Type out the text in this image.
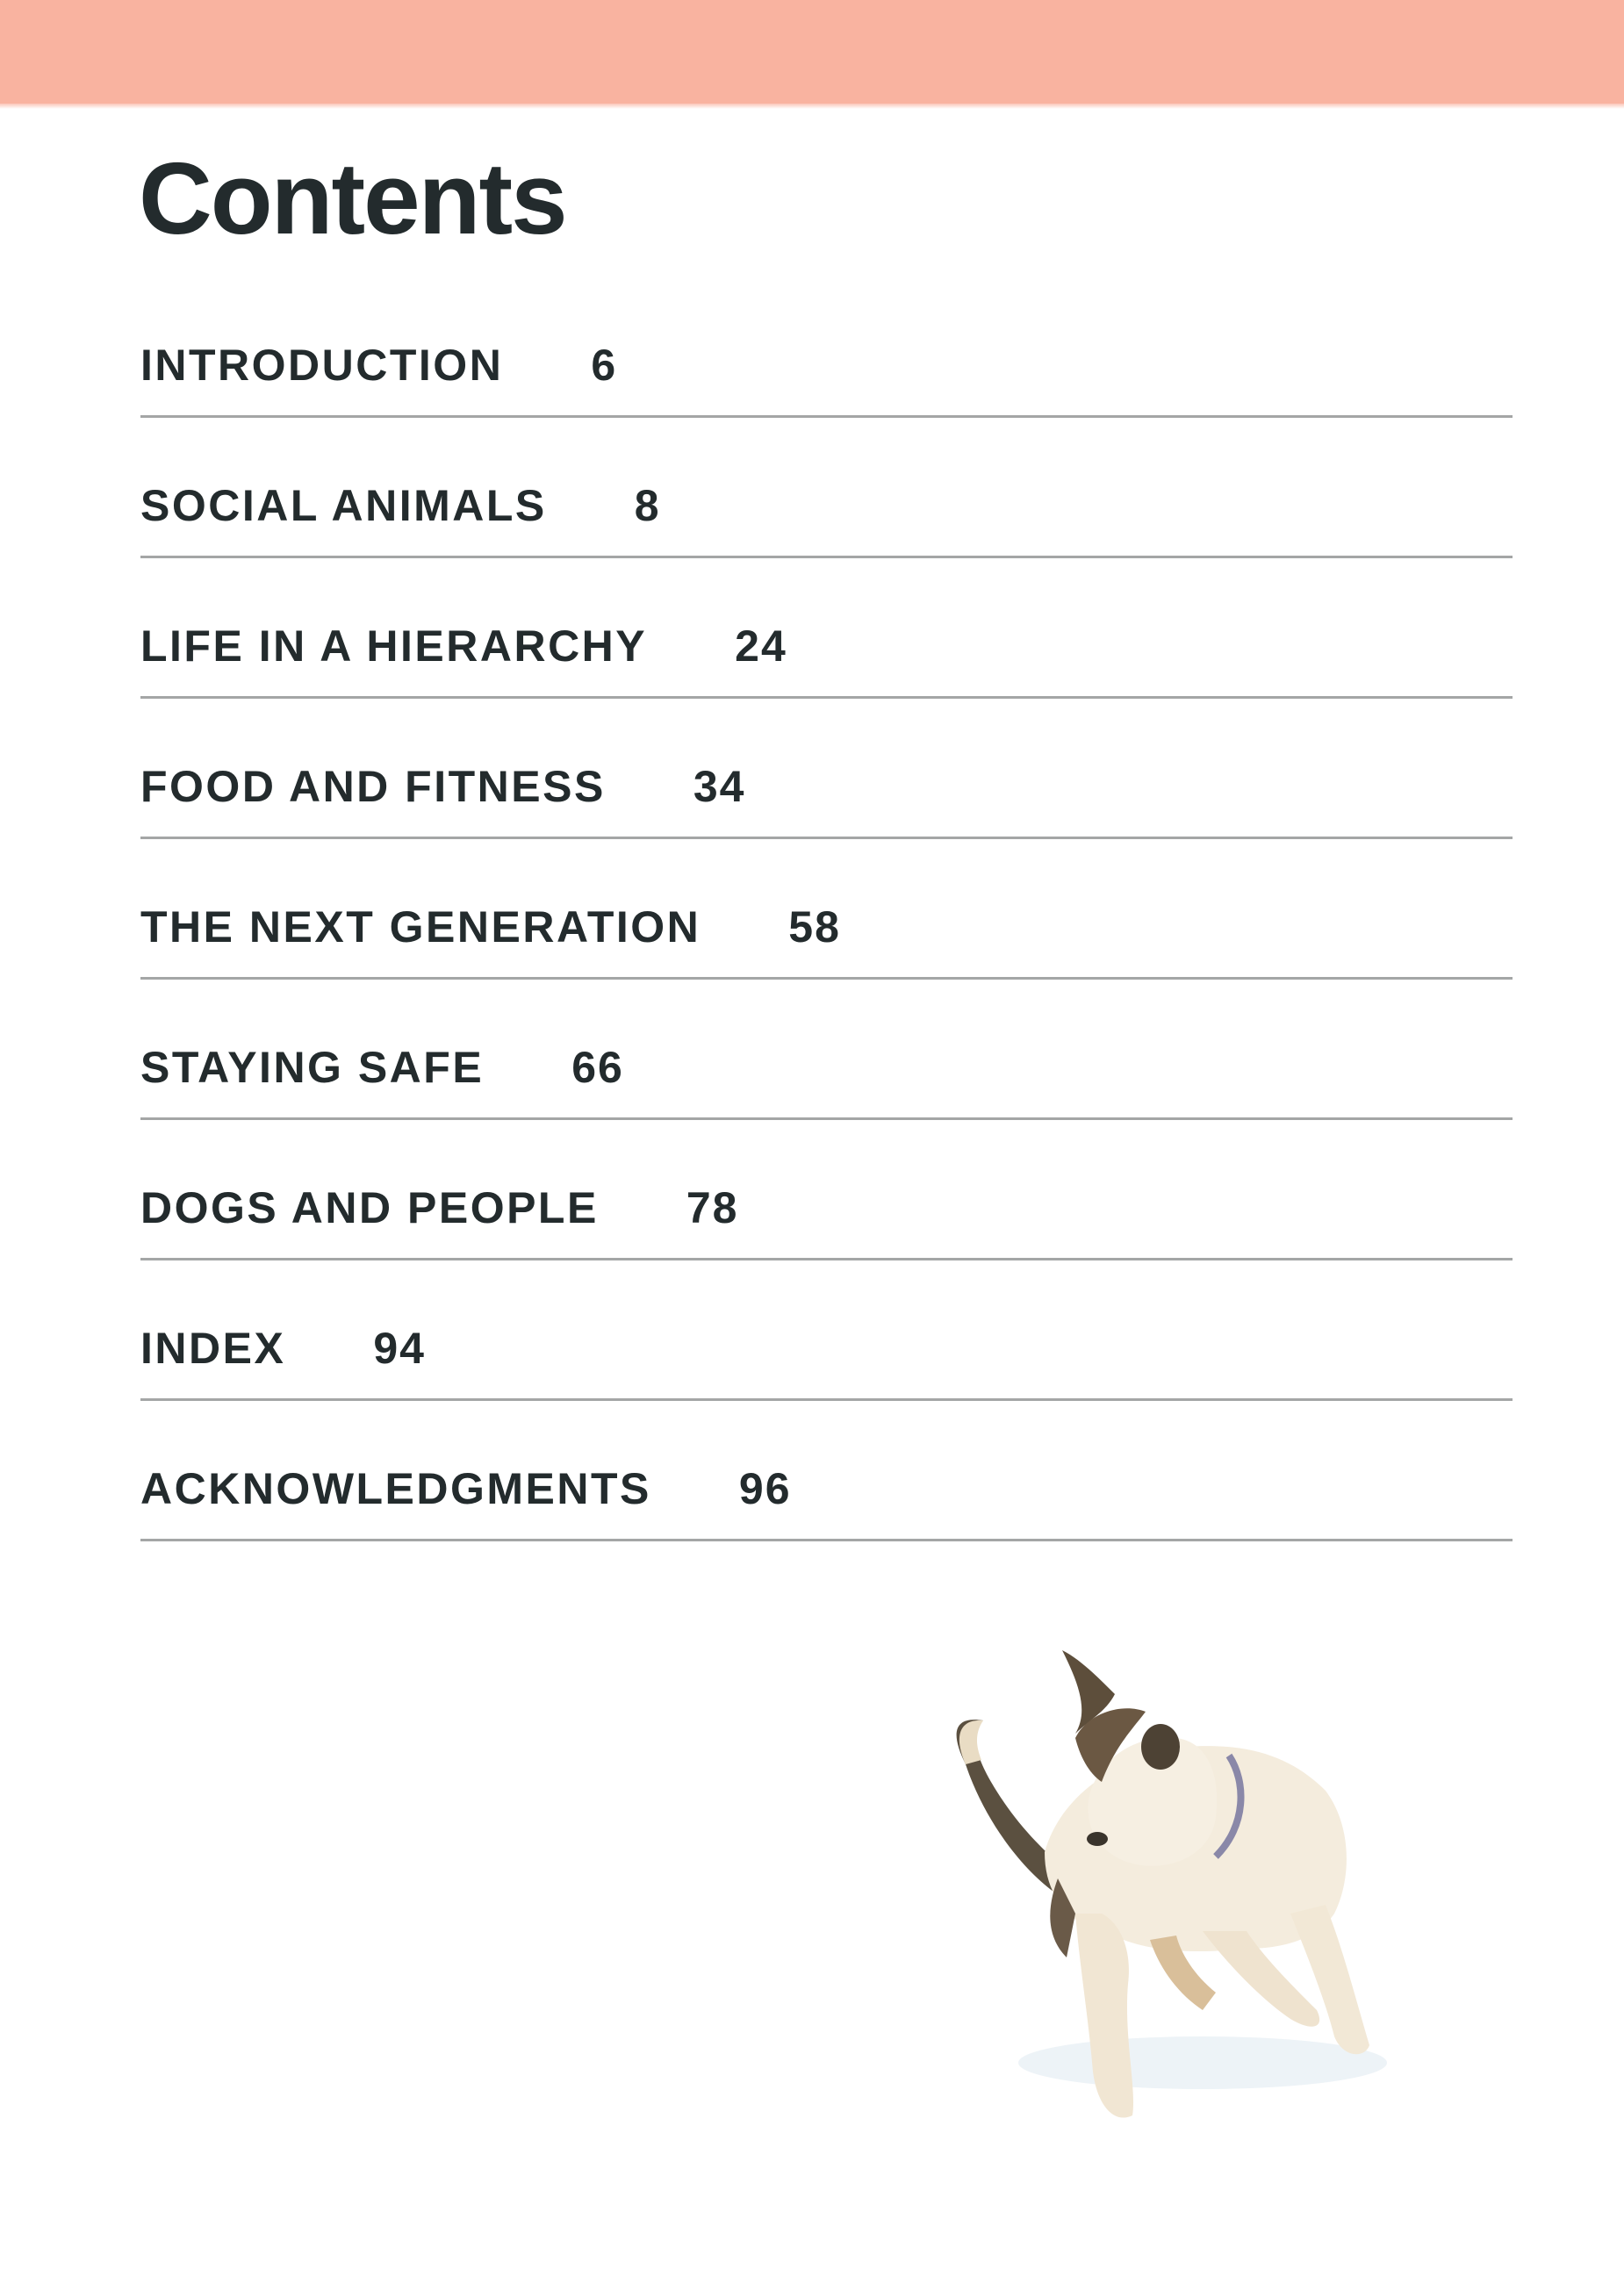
Contents
INTRODUCTION 6
SOCIAL ANIMALS 8
LIFE IN A HIERARCHY 24
FOOD AND FITNESS 34
THE NEXT GENERATION 58
STAYING SAFE 66
DOGS AND PEOPLE 78
INDEX 94
ACKNOWLEDGMENTS 96
